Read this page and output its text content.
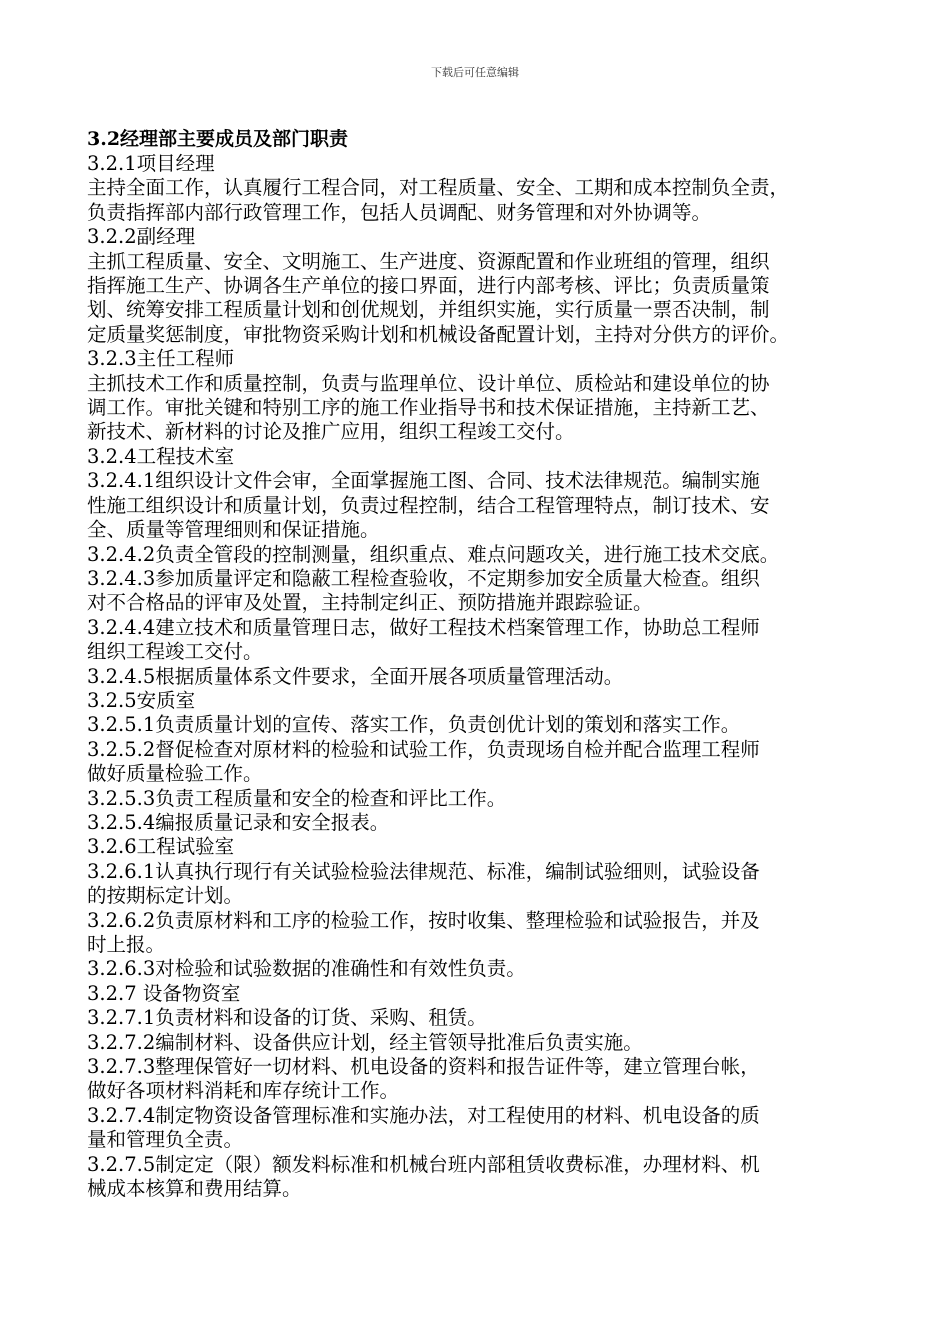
下载后可任意编辑
3.2经理部主要成员及部门职责
3.2.1项目经理
主持全面工作，认真履行工程合同，对工程质量、安全、工期和成本控制负全责，
负责指挥部内部行政管理工作，包括人员调配、财务管理和对外协调等。
3.2.2副经理
主抓工程质量、安全、文明施工、生产进度、资源配置和作业班组的管理，组织
指挥施工生产、协调各生产单位的接口界面，进行内部考核、评比；负责质量策
划、统筹安排工程质量计划和创优规划，并组织实施，实行质量一票否决制，制
定质量奖惩制度，审批物资采购计划和机械设备配置计划，主持对分供方的评价。
3.2.3主任工程师
主抓技术工作和质量控制，负责与监理单位、设计单位、质检站和建设单位的协
调工作。审批关键和特别工序的施工作业指导书和技术保证措施，主持新工艺、
新技术、新材料的讨论及推广应用，组织工程竣工交付。
3.2.4工程技术室
3.2.4.1组织设计文件会审，全面掌握施工图、合同、技术法律规范。编制实施
性施工组织设计和质量计划，负责过程控制，结合工程管理特点，制订技术、安
全、质量等管理细则和保证措施。
3.2.4.2负责全管段的控制测量，组织重点、难点问题攻关，进行施工技术交底。
3.2.4.3参加质量评定和隐蔽工程检查验收，不定期参加安全质量大检查。组织
对不合格品的评审及处置，主持制定纠正、预防措施并跟踪验证。
3.2.4.4建立技术和质量管理日志，做好工程技术档案管理工作，协助总工程师
组织工程竣工交付。
3.2.4.5根据质量体系文件要求，全面开展各项质量管理活动。
3.2.5安质室
3.2.5.1负责质量计划的宣传、落实工作，负责创优计划的策划和落实工作。
3.2.5.2督促检查对原材料的检验和试验工作，负责现场自检并配合监理工程师
做好质量检验工作。
3.2.5.3负责工程质量和安全的检查和评比工作。
3.2.5.4编报质量记录和安全报表。
3.2.6工程试验室
3.2.6.1认真执行现行有关试验检验法律规范、标准，编制试验细则，试验设备
的按期标定计划。
3.2.6.2负责原材料和工序的检验工作，按时收集、整理检验和试验报告，并及
时上报。
3.2.6.3对检验和试验数据的准确性和有效性负责。
3.2.7 设备物资室
3.2.7.1负责材料和设备的订货、采购、租赁。
3.2.7.2编制材料、设备供应计划，经主管领导批准后负责实施。
3.2.7.3整理保管好一切材料、机电设备的资料和报告证件等，建立管理台帐，
做好各项材料消耗和库存统计工作。
3.2.7.4制定物资设备管理标准和实施办法，对工程使用的材料、机电设备的质
量和管理负全责。
3.2.7.5制定定（限）额发料标准和机械台班内部租赁收费标准，办理材料、机
械成本核算和费用结算。
